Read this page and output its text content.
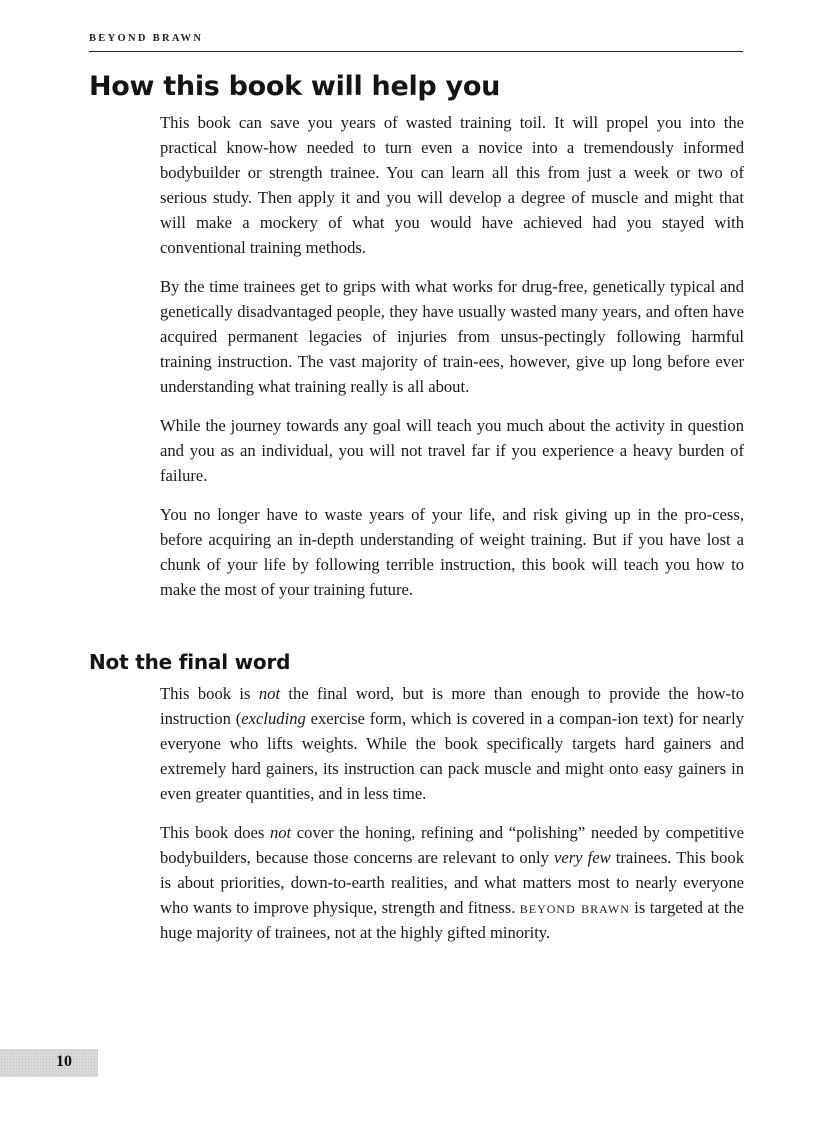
BEYOND BRAWN
How this book will help you

This book can save you years of wasted training toil. It will propel you into the practical know-how needed to turn even a novice into a tremendously informed bodybuilder or strength trainee. You can learn all this from just a week or two of serious study. Then apply it and you will develop a degree of muscle and might that will make a mockery of what you would have achieved had you stayed with conventional training methods.

By the time trainees get to grips with what works for drug-free, genetically typical and genetically disadvantaged people, they have usually wasted many years, and often have acquired permanent legacies of injuries from unsus-pectingly following harmful training instruction. The vast majority of train-ees, however, give up long before ever understanding what training really is all about.

While the journey towards any goal will teach you much about the activity in question and you as an individual, you will not travel far if you experience a heavy burden of failure.

You no longer have to waste years of your life, and risk giving up in the pro-cess, before acquiring an in-depth understanding of weight training. But if you have lost a chunk of your life by following terrible instruction, this book will teach you how to make the most of your training future.

Not the final word

This book is not the final word, but is more than enough to provide the how-to instruction (excluding exercise form, which is covered in a compan-ion text) for nearly everyone who lifts weights. While the book specifically targets hard gainers and extremely hard gainers, its instruction can pack muscle and might onto easy gainers in even greater quantities, and in less time.

This book does not cover the honing, refining and “polishing” needed by competitive bodybuilders, because those concerns are relevant to only very few trainees. This book is about priorities, down-to-earth realities, and what matters most to nearly everyone who wants to improve physique, strength and fitness. beyond brawn is targeted at the huge majority of trainees, not at the highly gifted minority.

10
